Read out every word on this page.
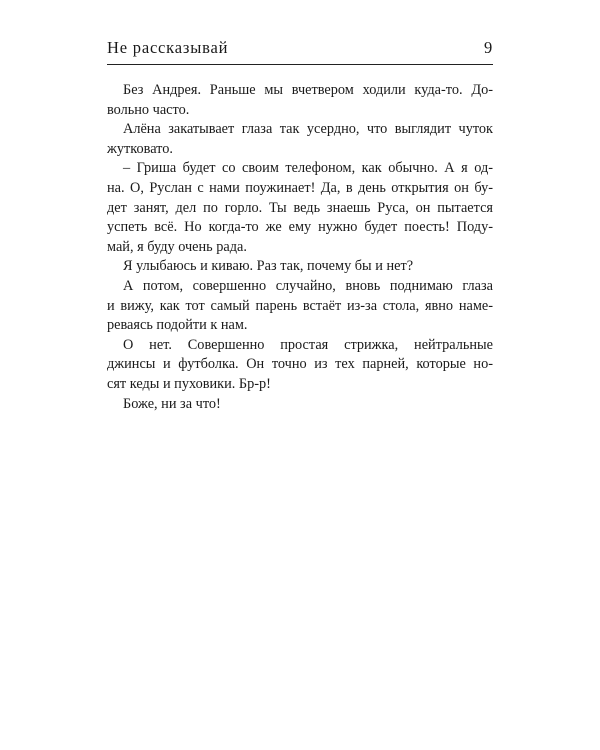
Не рассказывай	9
Без Андрея. Раньше мы вчетвером ходили куда-то. До-
вольно часто.
Алёна закатывает глаза так усердно, что выглядит чуток
жутковато.
– Гриша будет со своим телефоном, как обычно. А я од-
на. О, Руслан с нами поужинает! Да, в день открытия он бу-
дет занят, дел по горло. Ты ведь знаешь Руса, он пытается
успеть всё. Но когда-то же ему нужно будет поесть! Поду-
май, я буду очень рада.
Я улыбаюсь и киваю. Раз так, почему бы и нет?
А потом, совершенно случайно, вновь поднимаю глаза
и вижу, как тот самый парень встаёт из-за стола, явно наме-
реваясь подойти к нам.
О нет. Совершенно простая стрижка, нейтральные
джинсы и футболка. Он точно из тех парней, которые но-
сят кеды и пуховики. Бр-р!
Боже, ни за что!
